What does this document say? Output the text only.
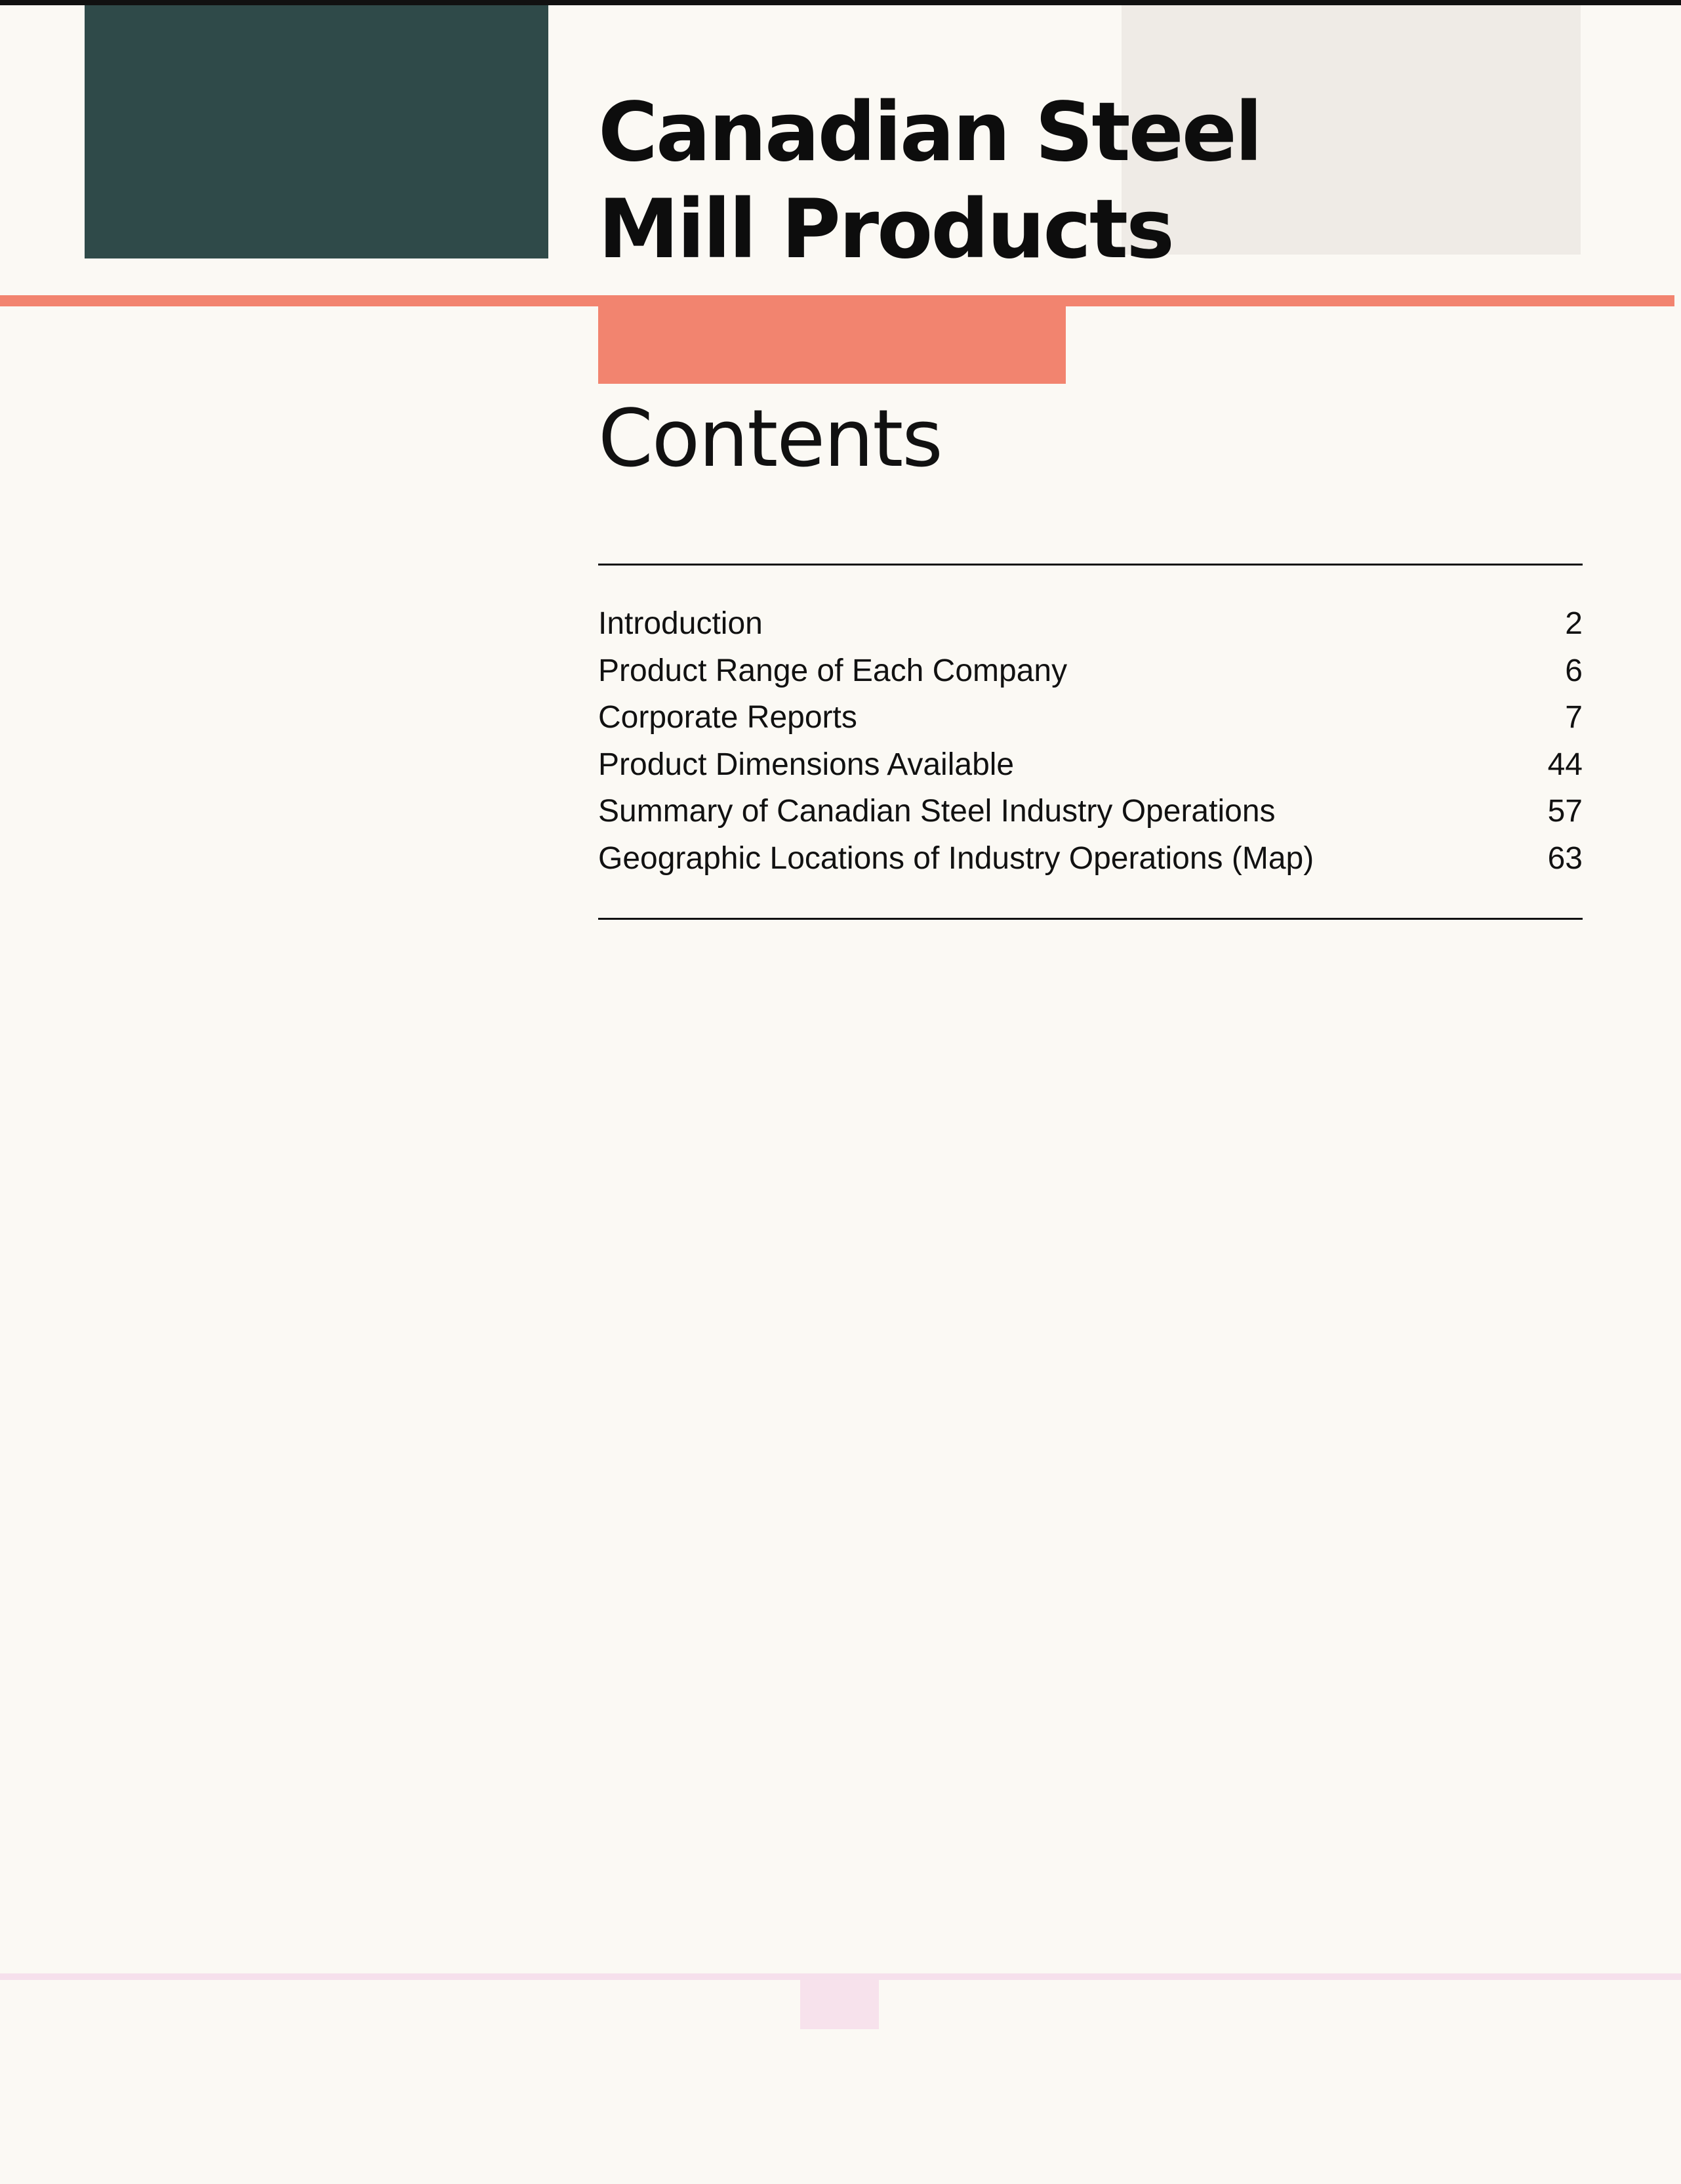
Canadian Steel
Mill Products
Contents
Introduction	2
Product Range of Each Company	6
Corporate Reports	7
Product Dimensions Available	44
Summary of Canadian Steel Industry Operations	57
Geographic Locations of Industry Operations (Map)	63
